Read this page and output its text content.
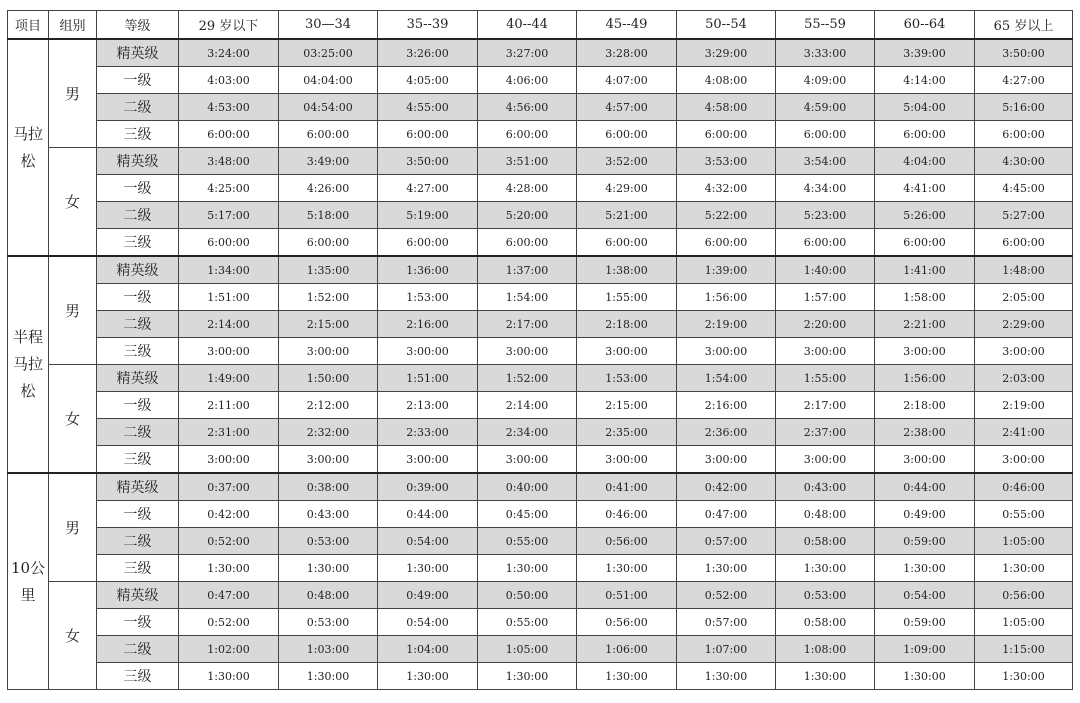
项目	组别	等级	29 岁以下	30—34	35--39	40--44	45--49	50--54	55--59	60--64	65 岁以上
马拉松	男	精英级	3:24:00	03:25:00	3:26:00	3:27:00	3:28:00	3:29:00	3:33:00	3:39:00	3:50:00
		一级	4:03:00	04:04:00	4:05:00	4:06:00	4:07:00	4:08:00	4:09:00	4:14:00	4:27:00
		二级	4:53:00	04:54:00	4:55:00	4:56:00	4:57:00	4:58:00	4:59:00	5:04:00	5:16:00
		三级	6:00:00	6:00:00	6:00:00	6:00:00	6:00:00	6:00:00	6:00:00	6:00:00	6:00:00
	女	精英级	3:48:00	3:49:00	3:50:00	3:51:00	3:52:00	3:53:00	3:54:00	4:04:00	4:30:00
		一级	4:25:00	4:26:00	4:27:00	4:28:00	4:29:00	4:32:00	4:34:00	4:41:00	4:45:00
		二级	5:17:00	5:18:00	5:19:00	5:20:00	5:21:00	5:22:00	5:23:00	5:26:00	5:27:00
		三级	6:00:00	6:00:00	6:00:00	6:00:00	6:00:00	6:00:00	6:00:00	6:00:00	6:00:00
半程马拉松	男	精英级	1:34:00	1:35:00	1:36:00	1:37:00	1:38:00	1:39:00	1:40:00	1:41:00	1:48:00
		一级	1:51:00	1:52:00	1:53:00	1:54:00	1:55:00	1:56:00	1:57:00	1:58:00	2:05:00
		二级	2:14:00	2:15:00	2:16:00	2:17:00	2:18:00	2:19:00	2:20:00	2:21:00	2:29:00
		三级	3:00:00	3:00:00	3:00:00	3:00:00	3:00:00	3:00:00	3:00:00	3:00:00	3:00:00
	女	精英级	1:49:00	1:50:00	1:51:00	1:52:00	1:53:00	1:54:00	1:55:00	1:56:00	2:03:00
		一级	2:11:00	2:12:00	2:13:00	2:14:00	2:15:00	2:16:00	2:17:00	2:18:00	2:19:00
		二级	2:31:00	2:32:00	2:33:00	2:34:00	2:35:00	2:36:00	2:37:00	2:38:00	2:41:00
		三级	3:00:00	3:00:00	3:00:00	3:00:00	3:00:00	3:00:00	3:00:00	3:00:00	3:00:00
10公里	男	精英级	0:37:00	0:38:00	0:39:00	0:40:00	0:41:00	0:42:00	0:43:00	0:44:00	0:46:00
		一级	0:42:00	0:43:00	0:44:00	0:45:00	0:46:00	0:47:00	0:48:00	0:49:00	0:55:00
		二级	0:52:00	0:53:00	0:54:00	0:55:00	0:56:00	0:57:00	0:58:00	0:59:00	1:05:00
		三级	1:30:00	1:30:00	1:30:00	1:30:00	1:30:00	1:30:00	1:30:00	1:30:00	1:30:00
	女	精英级	0:47:00	0:48:00	0:49:00	0:50:00	0:51:00	0:52:00	0:53:00	0:54:00	0:56:00
		一级	0:52:00	0:53:00	0:54:00	0:55:00	0:56:00	0:57:00	0:58:00	0:59:00	1:05:00
		二级	1:02:00	1:03:00	1:04:00	1:05:00	1:06:00	1:07:00	1:08:00	1:09:00	1:15:00
		三级	1:30:00	1:30:00	1:30:00	1:30:00	1:30:00	1:30:00	1:30:00	1:30:00	1:30:00
